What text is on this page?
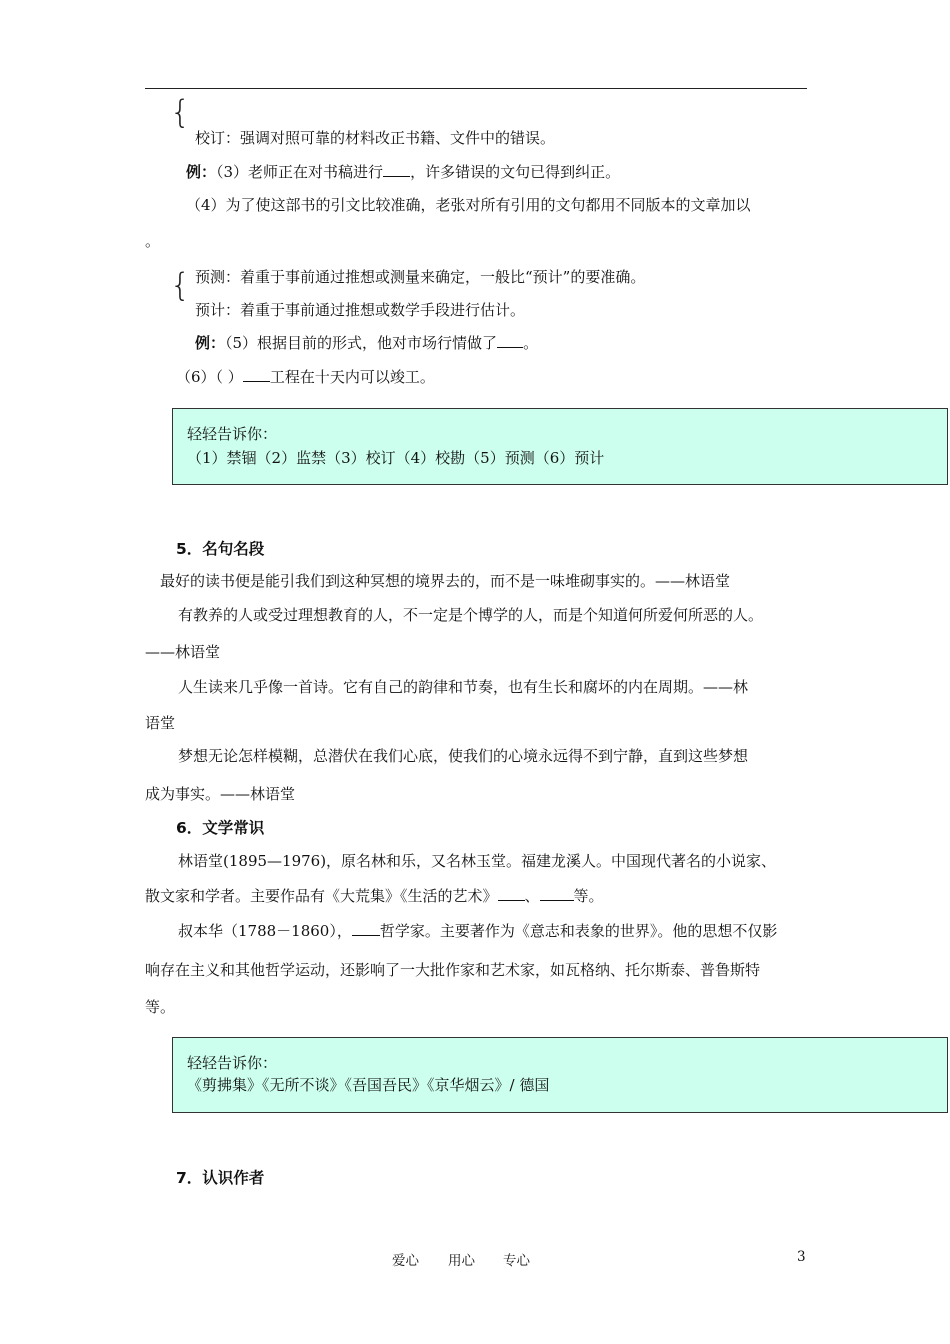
{
校订：强调对照可靠的材料改正书籍、文件中的错误。
例：（3）老师正在对书稿进行 ，许多错误的文句已得到纠正。
（4）为了使这部书的引文比较准确，老张对所有引用的文句都用不同版本的文章加以
。
{ 预测：着重于事前通过推想或测量来确定，一般比“预计”的要准确。
预计：着重于事前通过推想或数学手段进行估计。
例：（5）根据目前的形式，他对市场行情做了 。
（6）（ ） 工程在十天内可以竣工。
轻轻告诉你：
（1）禁锢（2）监禁（3）校订（4）校勘（5）预测（6）预计
5．名句名段
最好的读书便是能引我们到这种冥想的境界去的，而不是一味堆砌事实的。——林语堂
有教养的人或受过理想教育的人，不一定是个博学的人，而是个知道何所爱何所恶的人。
——林语堂
人生读来几乎像一首诗。它有自己的韵律和节奏，也有生长和腐坏的内在周期。——林
语堂
梦想无论怎样模糊，总潜伏在我们心底，使我们的心境永远得不到宁静，直到这些梦想
成为事实。——林语堂
6．文学常识
林语堂(1895—1976)，原名林和乐，又名林玉堂。福建龙溪人。中国现代著名的小说家、
散文家和学者。主要作品有《大荒集》《生活的艺术》 、 等。
叔本华（1788－1860）， 哲学家。主要著作为《意志和表象的世界》。他的思想不仅影
响存在主义和其他哲学运动，还影响了一大批作家和艺术家，如瓦格纳、托尔斯泰、普鲁斯特
等。
轻轻告诉你：
《剪拂集》《无所不谈》《吾国吾民》《京华烟云》/ 德国
7．认识作者
爱心 用心 专心	3
